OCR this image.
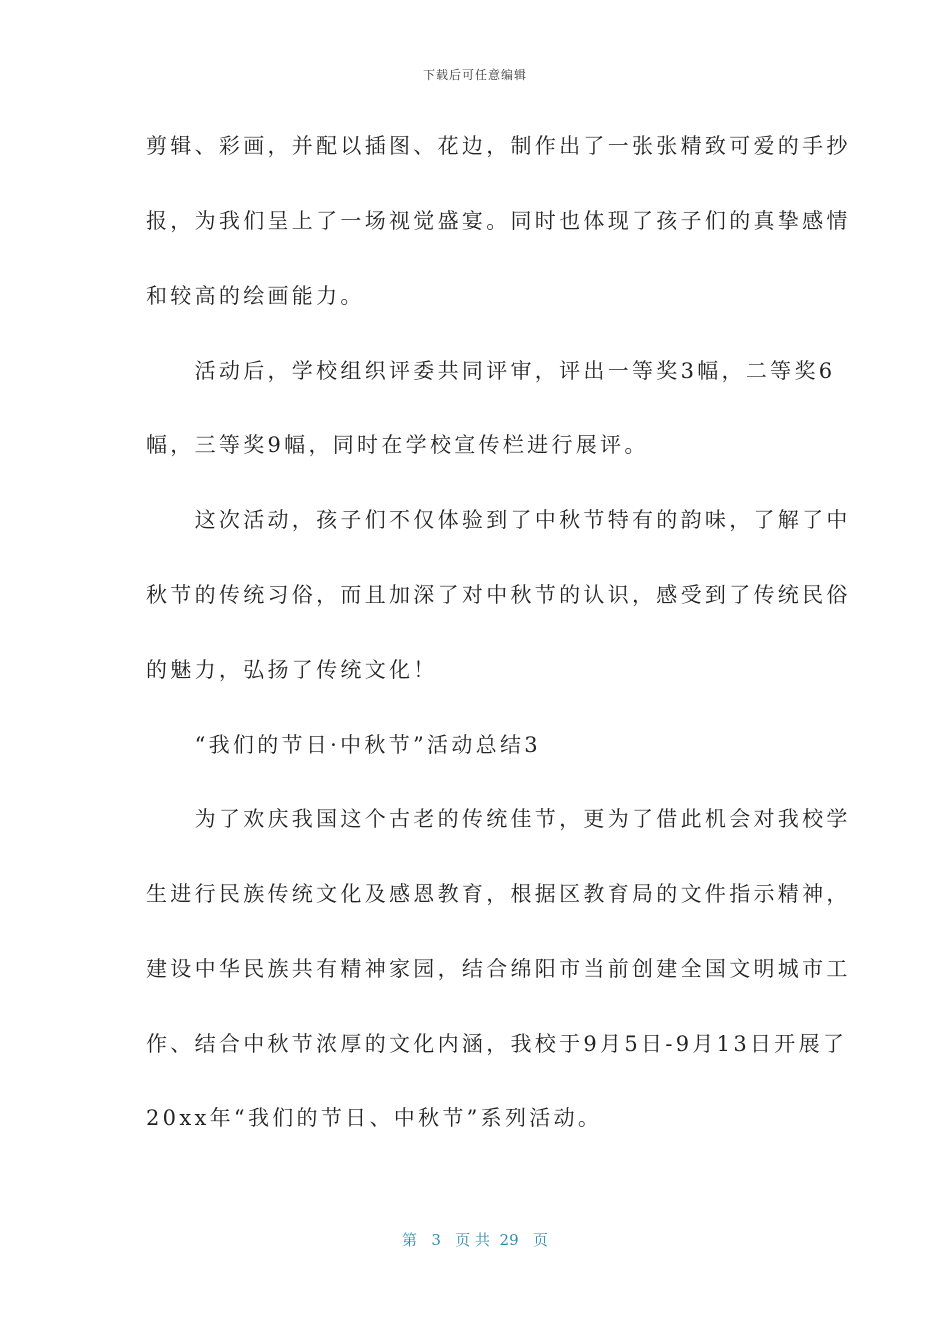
下载后可任意编辑
剪辑、彩画，并配以插图、花边，制作出了一张张精致可爱的手抄
报，为我们呈上了一场视觉盛宴。同时也体现了孩子们的真挚感情
和较高的绘画能力。
　　活动后，学校组织评委共同评审，评出一等奖3幅，二等奖6
幅，三等奖9幅，同时在学校宣传栏进行展评。
　　这次活动，孩子们不仅体验到了中秋节特有的韵味，了解了中
秋节的传统习俗，而且加深了对中秋节的认识，感受到了传统民俗
的魅力，弘扬了传统文化！
　　“我们的节日·中秋节”活动总结3
　　为了欢庆我国这个古老的传统佳节，更为了借此机会对我校学
生进行民族传统文化及感恩教育，根据区教育局的文件指示精神，
建设中华民族共有精神家园，结合绵阳市当前创建全国文明城市工
作、结合中秋节浓厚的文化内涵，我校于9月5日-9月13日开展了
20xx年“我们的节日、中秋节”系列活动。
第 3 页 共 29 页
